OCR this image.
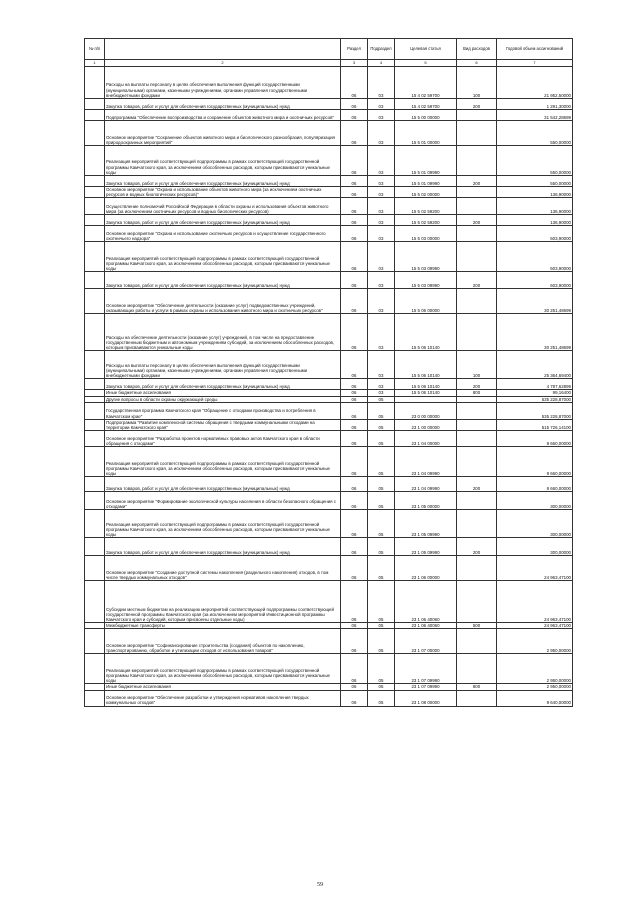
№ п/п		Раздел	Подраздел	Целевая статья	Вид расходов	Годовой объем ассигнований
1	2	3	4	5	6	7
	Расходы на выплаты персоналу в целях обеспечения выполнения функций государственными (муниципальными) органами, казенными учреждениями, органами управления государственными внебюджетными фондами	06	03	15 4 02 59700	100	21 952,50000
	Закупка товаров, работ и услуг для обеспечения государственных (муниципальных) нужд	06	03	15 4 02 59700	200	1 291,30000
	Подпрограмма "Обеспечение воспроизводства и сохранение объектов животного мира и охотничьих ресурсов"	06	03	15 5 00 00000		31 542,28699
	Основное мероприятие "Сохранение объектов животного мира и биологического разнообразия, популяризация природоохранных мероприятий"	06	03	15 5 01 00000		550,00000
	Реализация мероприятий соответствующей подпрограммы в рамках соответствующей государственной программы Камчатского края, за исключением обособленных расходов, которым присваиваются уникальные коды	06	03	15 5 01 09990		550,00000
	Закупка товаров, работ и услуг для обеспечения государственных (муниципальных) нужд	06	03	15 5 01 09990	200	550,00000
	Основное мероприятие "Охрана и использование объектов животного мира (за исключением охотничьих ресурсов и водных биологических ресурсов)"	06	03	15 5 02 00000		136,90000
	Осуществление полномочий Российской Федерации в области охраны и использования объектов животного мира (за исключением охотничьих ресурсов и водных биологических ресурсов)	06	03	15 5 02 59200		136,90000
	Закупка товаров, работ и услуг для обеспечения государственных (муниципальных) нужд	06	03	15 5 02 59200	200	136,90000
	Основное мероприятие "Охрана и использование охотничьих ресурсов и осуществление государственного охотничьего надзора"	06	03	15 5 03 00000		603,90000
	Реализация мероприятий соответствующей подпрограммы в рамках соответствующей государственной программы Камчатского края, за исключением обособленных расходов, которым присваиваются уникальные коды	06	03	15 5 03 09990		603,90000
	Закупка товаров, работ и услуг для обеспечения государственных (муниципальных) нужд	06	03	15 5 03 09990	200	603,90000
	Основное мероприятие "Обеспечение деятельности (оказание услуг) подведомственных учреждений, оказывающих работы и услуги в рамках охраны и использования животного мира и охотничьих ресурсов"	06	03	15 5 06 00000		30 251,48699
	Расходы на обеспечение деятельности (оказание услуг) учреждений, в том числе на предоставление государственным бюджетным и автономным учреждениям субсидий, за исключением обособленных расходов, которым присваиваются уникальные коды	06	03	15 5 06 10140		30 251,48699
	Расходы на выплаты персоналу в целях обеспечения выполнения функций государственными (муниципальными) органами, казенными учреждениями, органами управления государственными внебюджетными фондами	06	03	15 5 06 10140	100	25 364,69400
	Закупка товаров, работ и услуг для обеспечения государственных (муниципальных) нужд	06	03	15 5 06 10140	200	4 787,62899
	Иные бюджетные ассигнования	06	03	15 5 06 10140	800	99,16400
	Другие вопросы в области охраны окружающей среды	06	05			535 228,87000
	Государственная программа Камчатского края "Обращение с отходами производства и потребления в Камчатском крае"	06	05	23 0 00 00000		535 228,87000
	Подпрограмма "Развитие комплексной системы обращения с твердыми коммунальными отходами на территории Камчатского края"	06	05	23 1 00 00000		515 726,14100
	Основное мероприятие "Разработка проектов нормативных правовых актов Камчатского края в области обращения с отходами"	06	05	23 1 04 00000		8 660,00000
	Реализация мероприятий соответствующей подпрограммы в рамках соответствующей государственной программы Камчатского края, за исключением обособленных расходов, которым присваиваются уникальные коды	06	05	23 1 04 09990		8 660,00000
	Закупка товаров, работ и услуг для обеспечения государственных (муниципальных) нужд	06	05	23 1 04 09990	200	8 660,00000
	Основное мероприятие "Формирование экологической культуры населения в области безопасного обращения с отходами"	06	05	23 1 05 00000		300,00000
	Реализация мероприятий соответствующей подпрограммы в рамках соответствующей государственной программы Камчатского края, за исключением обособленных расходов, которым присваиваются уникальные коды	06	05	23 1 05 09990		300,00000
	Закупка товаров, работ и услуг для обеспечения государственных (муниципальных) нужд	06	05	23 1 05 09990	200	300,00000
	Основное мероприятие "Создание доступной системы накопления (раздельного накопления) отходов, в том числе твердых коммунальных отходов"	06	05	23 1 06 00000		24 963,47100
	Субсидии местным бюджетам на реализацию мероприятий соответствующей подпрограммы соответствующей государственной программы Камчатского края (за исключением мероприятий Инвестиционной программы Камчатского края и субсидий, которым присвоены отдельные коды)	06	05	23 1 06 40060		24 963,47100
	Межбюджетные трансферты	06	05	23 1 06 40060	500	24 963,47100
	Основное мероприятие "Софинансирование строительства (создания) объектов по накоплению, транспортированию, обработке и утилизации отходов от использования товаров"	06	05	23 1 07 00000		2 950,00000
	Реализация мероприятий соответствующей подпрограммы в рамках соответствующей государственной программы Камчатского края, за исключением обособленных расходов, которым присваиваются уникальные коды	06	05	23 1 07 09990		2 950,00000
	Иные бюджетные ассигнования	06	05	23 1 07 09990	800	2 950,00000
	Основное мероприятие "Обеспечение разработки и утверждения нормативов накопления твердых коммунальных отходов"	06	05	23 1 08 00000		9 640,00000
59
